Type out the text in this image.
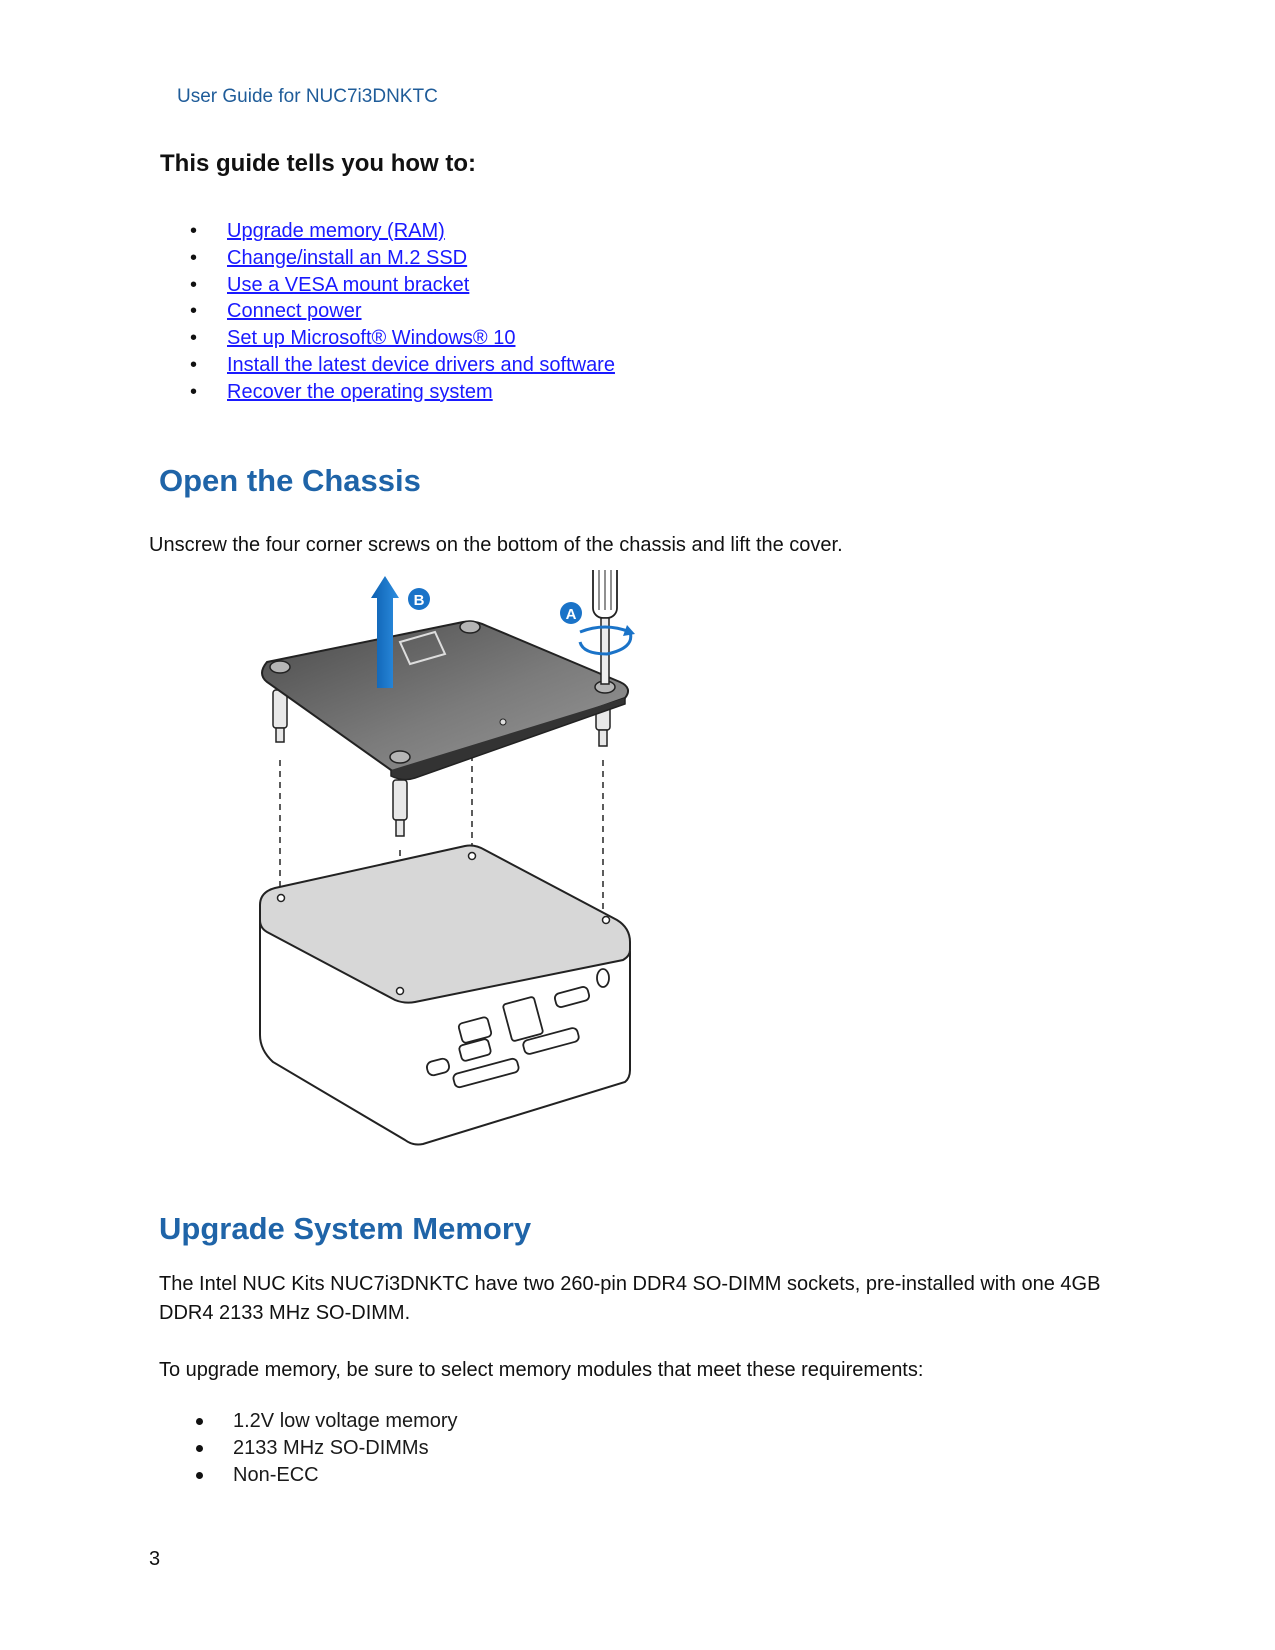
User Guide for NUC7i3DNKTC
This guide tells you how to:
•	Upgrade memory (RAM)
•	Change/install an M.2 SSD
•	Use a VESA mount bracket
•	Connect power
•	Set up Microsoft® Windows® 10
•	Install the latest device drivers and software
•	Recover the operating system
Open the Chassis
Unscrew the four corner screws on the bottom of the chassis and lift the cover.
B
A
Upgrade System Memory
The Intel NUC Kits NUC7i3DNKTC have two 260-pin DDR4 SO-DIMM sockets, pre-installed with one 4GB DDR4 2133 MHz SO-DIMM.
To upgrade memory, be sure to select memory modules that meet these requirements:
1.2V low voltage memory
2133 MHz SO-DIMMs
Non-ECC
3
